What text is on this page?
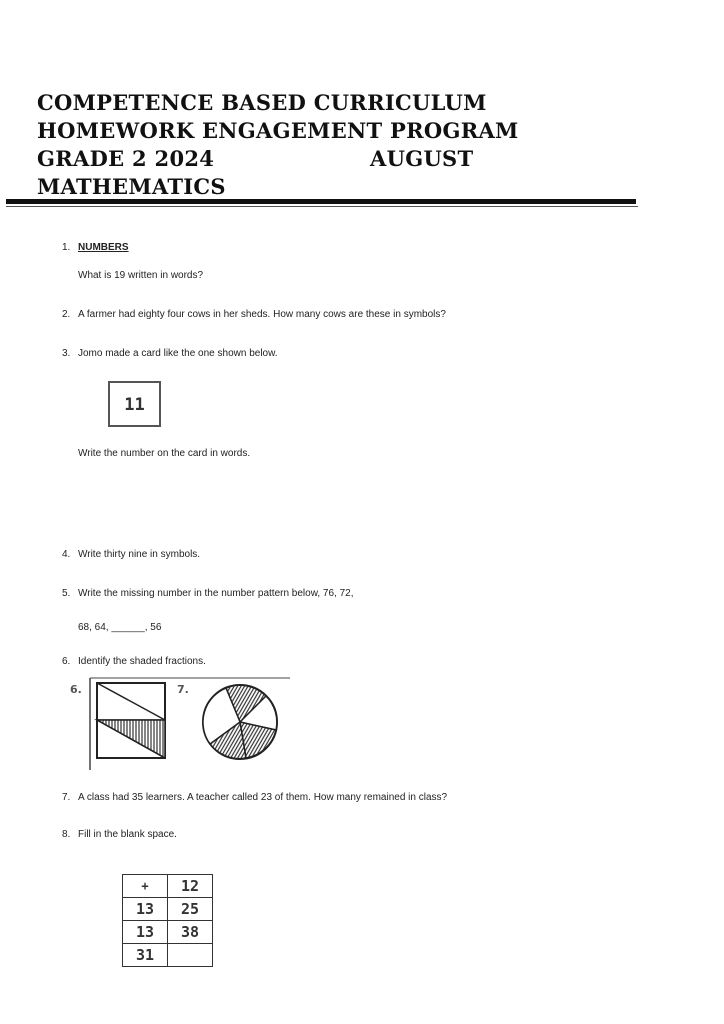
COMPETENCE BASED CURRICULUM
HOMEWORK ENGAGEMENT PROGRAM
GRADE 2 2024	AUGUST
MATHEMATICS
1. NUMBERS
What is 19 written in words?
2. A farmer had eighty four cows in her sheds. How many cows are these in symbols?
3. Jomo made a card like the one shown below.
11
Write the number on the card in words.
4. Write thirty nine in symbols.
5. Write the missing number in the number pattern below, 76, 72,
68, 64, ______, 56
6. Identify the shaded fractions.
6.	7.
7. A class had 35 learners. A teacher called 23 of them. How many remained in class?
8. Fill in the blank space.
+	12
13	25
13	38
31	
